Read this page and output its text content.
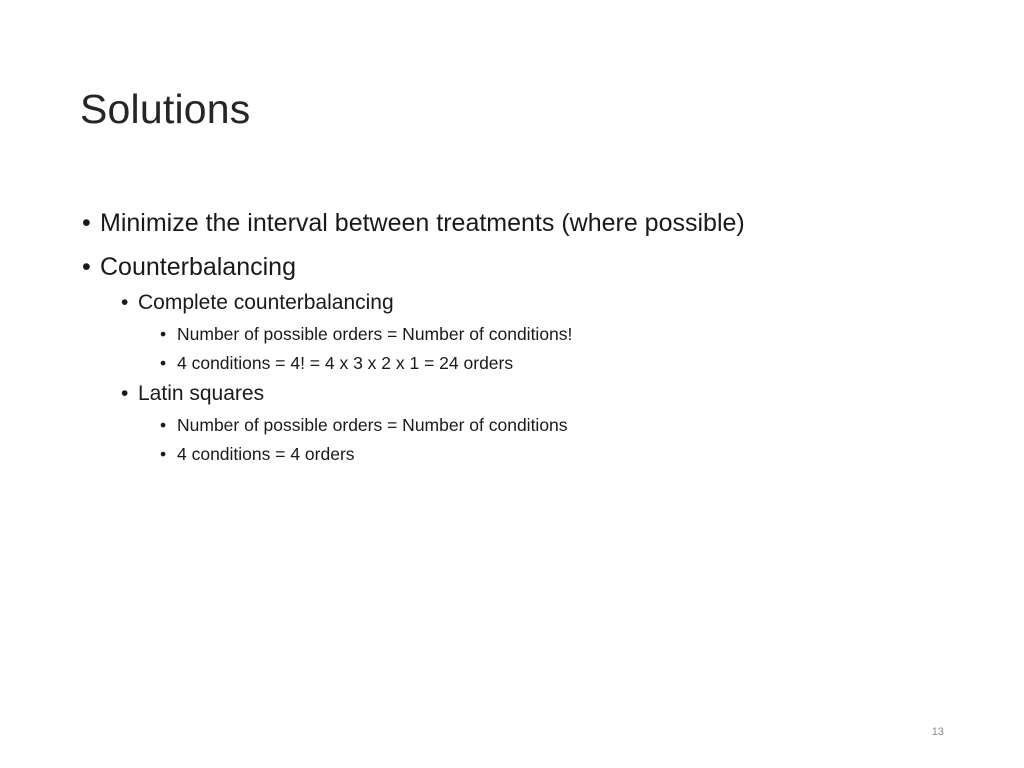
Solutions
• Minimize the interval between treatments (where possible)
• Counterbalancing
• Complete counterbalancing
• Number of possible orders = Number of conditions!
• 4 conditions = 4! = 4 x 3 x 2 x 1 = 24 orders
• Latin squares
• Number of possible orders = Number of conditions
• 4 conditions = 4 orders
13
